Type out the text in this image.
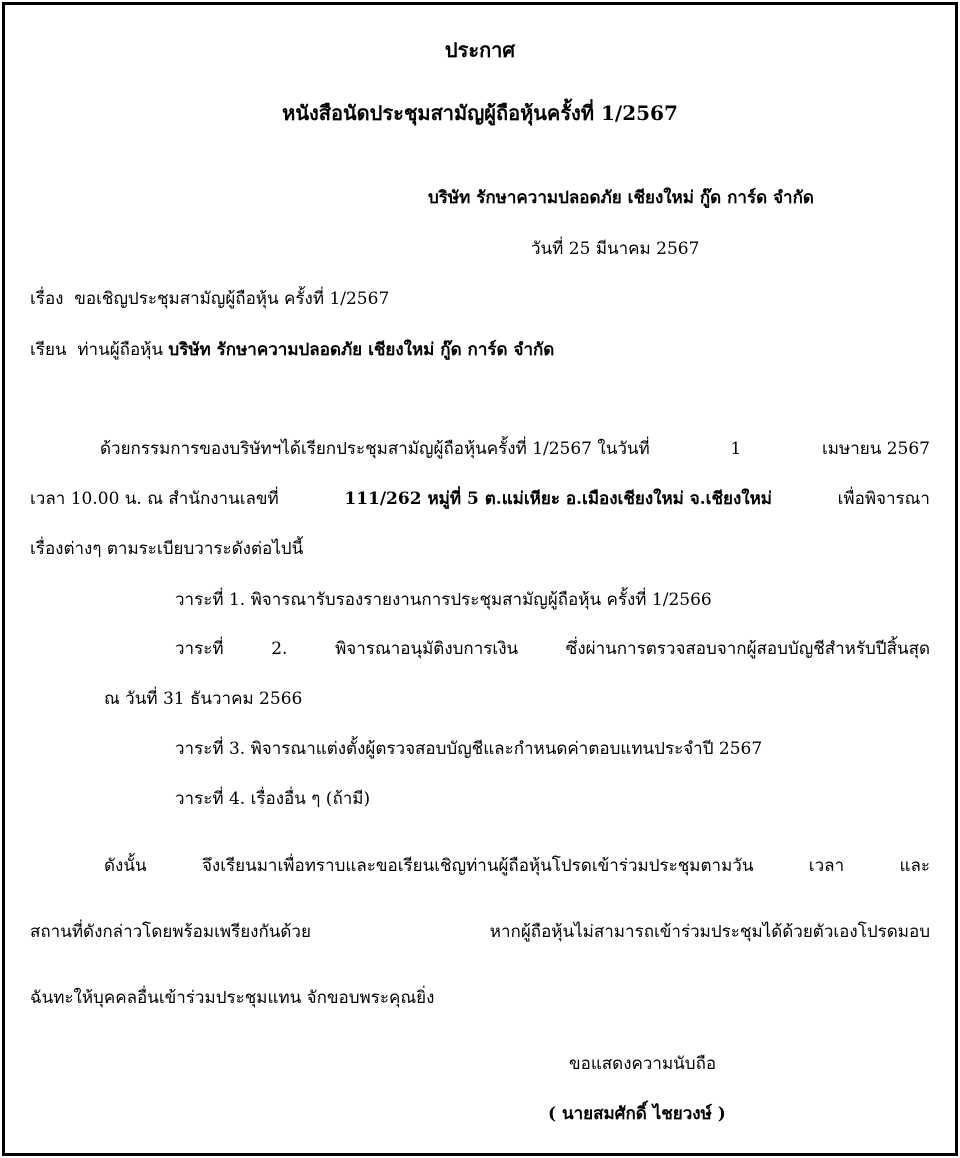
ประกาศ
หนังสือนัดประชุมสามัญผู้ถือหุ้นครั้งที่ 1/2567
บริษัท รักษาความปลอดภัย เชียงใหม่ กู๊ด การ์ด จำกัด
วันที่ 25 มีนาคม 2567
เรื่อง ขอเชิญประชุมสามัญผู้ถือหุ้น ครั้งที่ 1/2567
เรียน ท่านผู้ถือหุ้น บริษัท รักษาความปลอดภัย เชียงใหม่ กู๊ด การ์ด จำกัด
ด้วยกรรมการของบริษัทฯได้เรียกประชุมสามัญผู้ถือหุ้นครั้งที่ 1/2567 ในวันที่	1	เมษายน 2567
เวลา 10.00 น. ณ สำนักงานเลขที่	111/262 หมู่ที่ 5 ต.แม่เหียะ อ.เมืองเชียงใหม่ จ.เชียงใหม่	เพื่อพิจารณา
เรื่องต่างๆ ตามระเบียบวาระดังต่อไปนี้
วาระที่ 1. พิจารณารับรองรายงานการประชุมสามัญผู้ถือหุ้น ครั้งที่ 1/2566
วาระที่ 2. พิจารณาอนุมัติงบการเงิน ซึ่งผ่านการตรวจสอบจากผู้สอบบัญชีสำหรับปีสิ้นสุด
ณ วันที่ 31 ธันวาคม 2566
วาระที่ 3. พิจารณาแต่งตั้งผู้ตรวจสอบบัญชีและกำหนดค่าตอบแทนประจำปี 2567
วาระที่ 4. เรื่องอื่น ๆ (ถ้ามี)
ดังนั้น จึงเรียนมาเพื่อทราบและขอเรียนเชิญท่านผู้ถือหุ้นโปรดเข้าร่วมประชุมตามวัน เวลา และ
สถานที่ดังกล่าวโดยพร้อมเพรียงกันด้วย หากผู้ถือหุ้นไม่สามารถเข้าร่วมประชุมได้ด้วยตัวเองโปรดมอบ
ฉันทะให้บุคคลอื่นเข้าร่วมประชุมแทน จักขอบพระคุณยิ่ง
ขอแสดงความนับถือ
( นายสมศักดิ์ ไชยวงษ์ )
